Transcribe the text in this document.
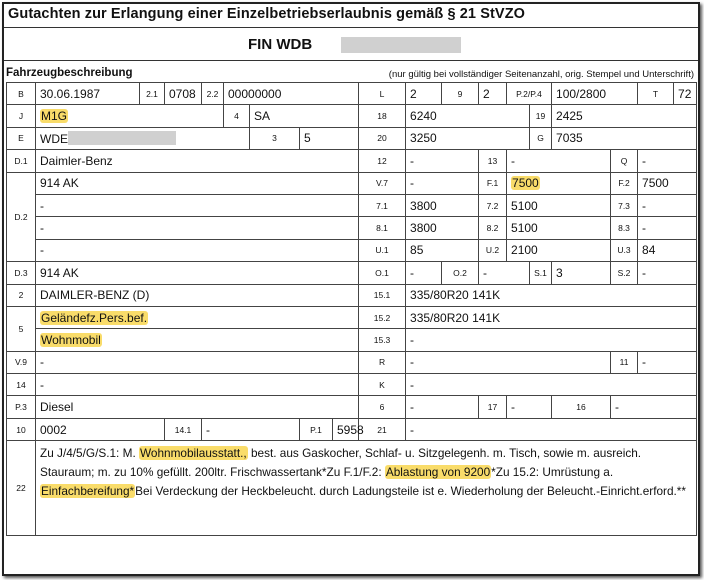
Gutachten zur Erlangung einer Einzelbetriebserlaubnis gemäß § 21 StVZO
FIN WDB
Fahrzeugbeschreibung	(nur gültig bei vollständiger Seitenanzahl, orig. Stempel und Unterschrift)
B	30.06.1987	2.1	0708	2.2	00000000				L	2	9	2	P.2/P.4		100/2800		T	72
J	M1G				4	SA			18	6240				19	2425			
E	WDE					3	5		20	3250				G	7035			
D.1	Daimler-Benz								12	-		13	-			Q	-	
D.2	914 AK								V.7	-		F.1	7500			F.2	7500	
	-								7.1	3800		7.2	5100			7.3	-	
	-								8.1	3800		8.2	5100			8.3	-	
	-								U.1	85		U.2	2100			U.3	84	
D.3	914 AK								O.1	-	O.2	-		S.1	3	S.2	-	
2	DAIMLER-BENZ (D)								15.1	335/80R20 141K								
5	Geländefz.Pers.bef.								15.2	335/80R20 141K								
	Wohnmobil								15.3	-								
V.9	-								R	-						11	-	
14	-								K	-								
P.3	Diesel								6	-		17	-		16	-		
10	0002		14.1	-			P.1	5958	21	-								
22	Zu J/4/5/G/S.1: M. Wohnmobilausstatt., best. aus Gaskocher, Schlaf- u. Sitzgelegenh. m. Tisch, sowie m. ausreich. Stauraum; m. zu 10% gefüllt. 200ltr. Frischwassertank*Zu F.1/F.2: Ablastung von 9200*Zu 15.2: Umrüstung a. Einfachbereifung*Bei Verdeckung der Heckbeleucht. durch Ladungsteile ist e. Wiederholung der Beleucht.-Einricht.erford.**																	
